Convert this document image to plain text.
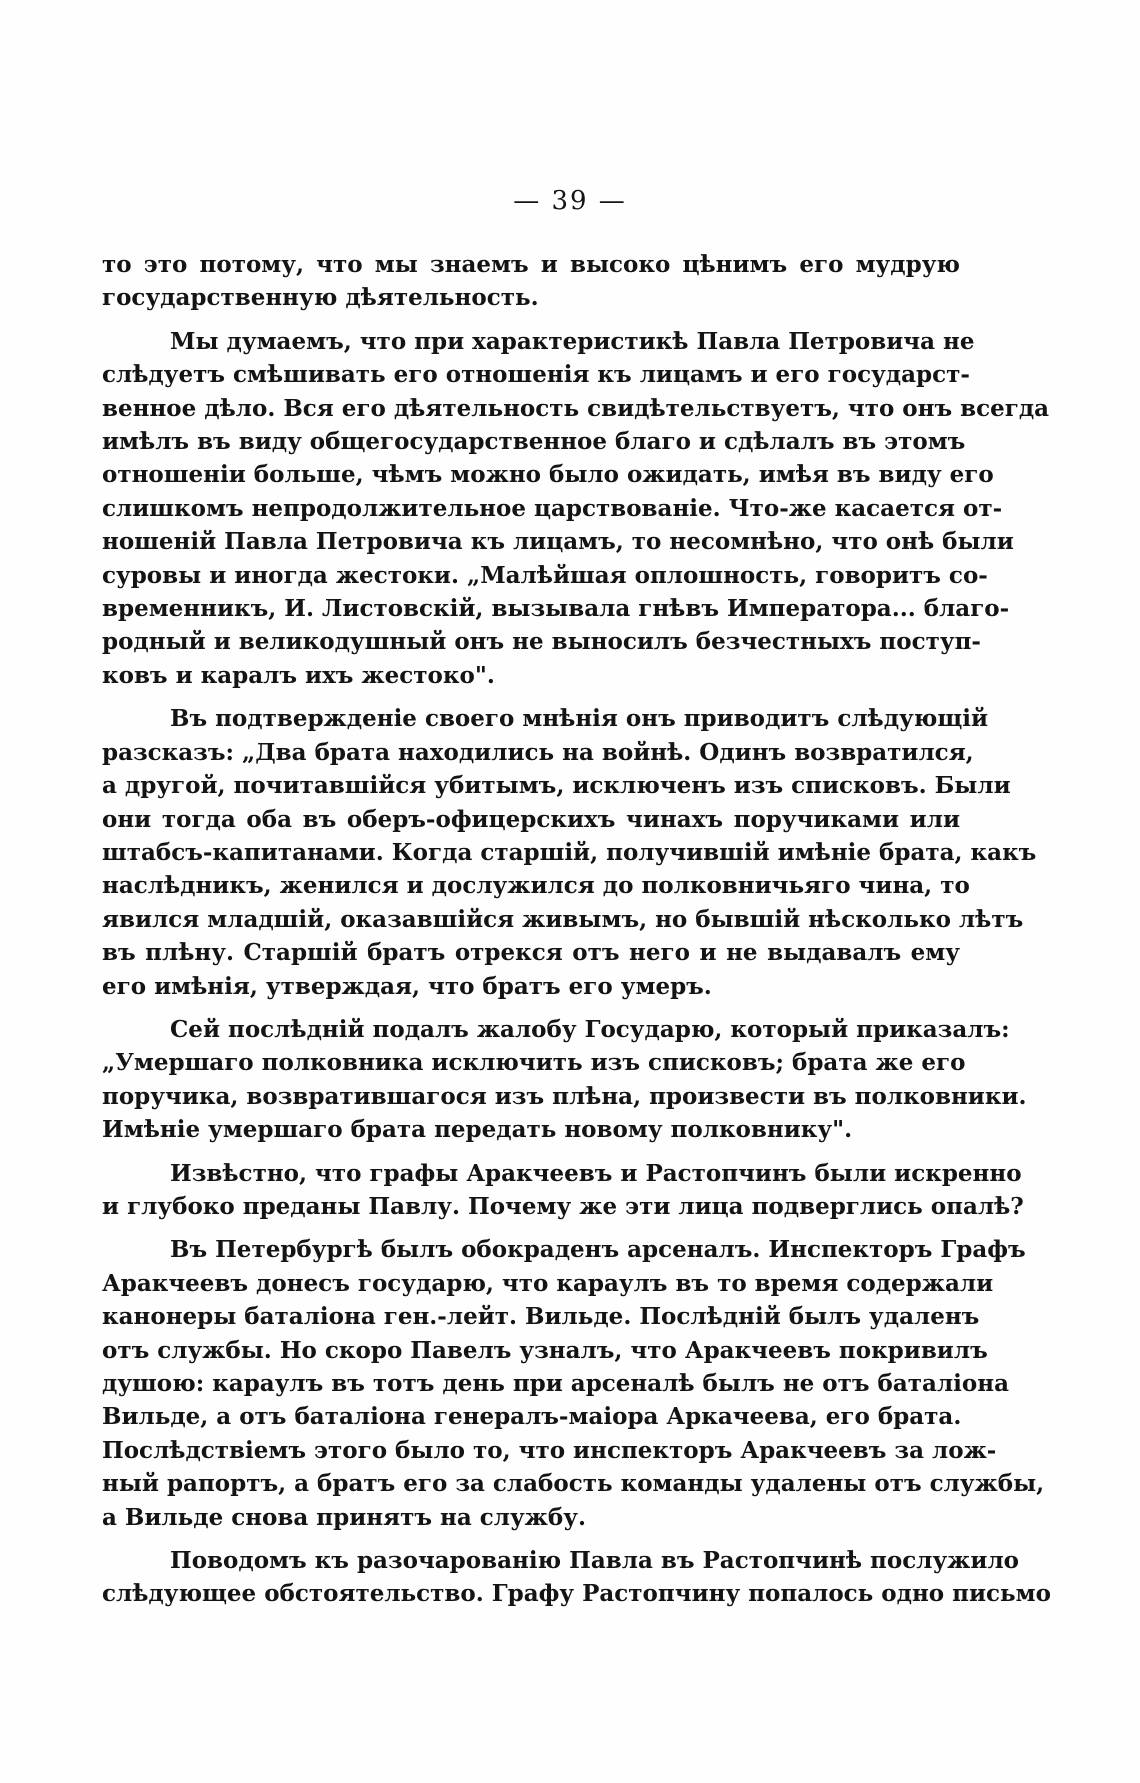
— 39 —
то это потому, что мы знаемъ и высоко цѣнимъ его мудрую
государственную дѣятельность.
Мы думаемъ, что при характеристикѣ Павла Петровича не
слѣдуетъ смѣшивать его отношенія къ лицамъ и его государст-
венное дѣло. Вся его дѣятельность свидѣтельствуетъ, что онъ всегда
имѣлъ въ виду общегосударственное благо и сдѣлалъ въ этомъ
отношеніи больше, чѣмъ можно было ожидать, имѣя въ виду его
слишкомъ непродолжительное царствованіе. Что-же касается от-
ношеній Павла Петровича къ лицамъ, то несомнѣно, что онѣ были
суровы и иногда жестоки. „Малѣйшая оплошность, говоритъ со-
временникъ, И. Листовскій, вызывала гнѣвъ Императора... благо-
родный и великодушный онъ не выносилъ безчестныхъ поступ-
ковъ и каралъ ихъ жестоко".
Въ подтвержденіе своего мнѣнія онъ приводитъ слѣдующій
разсказъ: „Два брата находились на войнѣ. Одинъ возвратился,
а другой, почитавшійся убитымъ, исключенъ изъ списковъ. Были
они тогда оба въ оберъ-офицерскихъ чинахъ поручиками или
штабсъ-капитанами. Когда старшій, получившій имѣніе брата, какъ
наслѣдникъ, женился и дослужился до полковничьяго чина, то
явился младшій, оказавшійся живымъ, но бывшій нѣсколько лѣтъ
въ плѣну. Старшій братъ отрекся отъ него и не выдавалъ ему
его имѣнія, утверждая, что братъ его умеръ.
Сей послѣдній подалъ жалобу Государю, который приказалъ:
„Умершаго полковника исключить изъ списковъ; брата же его
поручика, возвратившагося изъ плѣна, произвести въ полковники.
Имѣніе умершаго брата передать новому полковнику".
Извѣстно, что графы Аракчеевъ и Растопчинъ были искренно
и глубоко преданы Павлу. Почему же эти лица подверглись опалѣ?
Въ Петербургѣ былъ обокраденъ арсеналъ. Инспекторъ Графъ
Аракчеевъ донесъ государю, что караулъ въ то время содержали
канонеры баталіона ген.-лейт. Вильде. Послѣдній былъ удаленъ
отъ службы. Но скоро Павелъ узналъ, что Аракчеевъ покривилъ
душою: караулъ въ тотъ день при арсеналѣ былъ не отъ баталіона
Вильде, а отъ баталіона генералъ-маіора Аркачеева, его брата.
Послѣдствіемъ этого было то, что инспекторъ Аракчеевъ за лож-
ный рапортъ, а братъ его за слабость команды удалены отъ службы,
а Вильде снова принятъ на службу.
Поводомъ къ разочарованію Павла въ Растопчинѣ послужило
слѣдующее обстоятельство. Графу Растопчину попалось одно письмо
